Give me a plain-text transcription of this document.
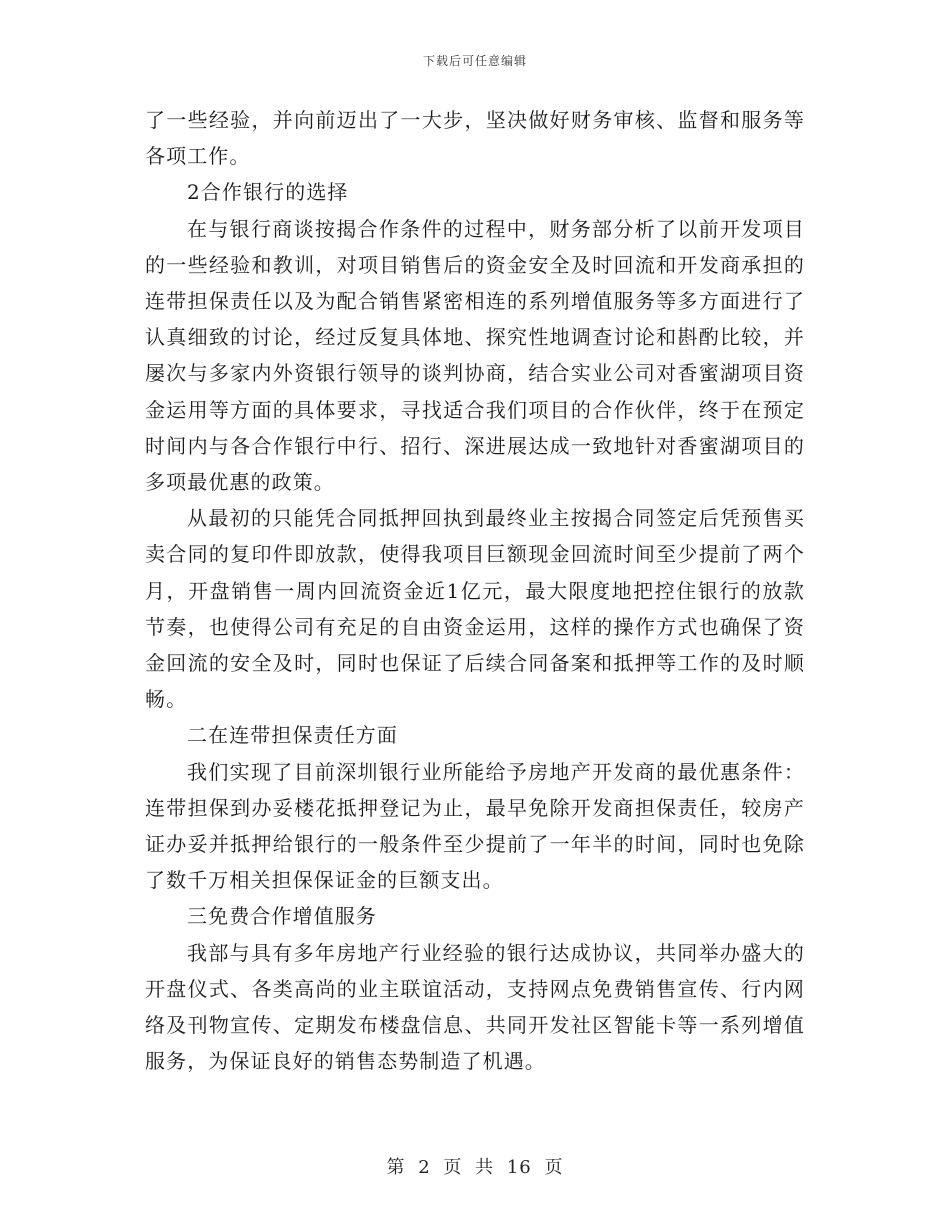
下载后可任意编辑

了一些经验，并向前迈出了一大步，坚决做好财务审核、监督和服务等各项工作。

2合作银行的选择

在与银行商谈按揭合作条件的过程中，财务部分析了以前开发项目的一些经验和教训，对项目销售后的资金安全及时回流和开发商承担的连带担保责任以及为配合销售紧密相连的系列增值服务等多方面进行了认真细致的讨论，经过反复具体地、探究性地调查讨论和斟酌比较，并屡次与多家内外资银行领导的谈判协商，结合实业公司对香蜜湖项目资金运用等方面的具体要求，寻找适合我们项目的合作伙伴，终于在预定时间内与各合作银行中行、招行、深进展达成一致地针对香蜜湖项目的多项最优惠的政策。

从最初的只能凭合同抵押回执到最终业主按揭合同签定后凭预售买卖合同的复印件即放款，使得我项目巨额现金回流时间至少提前了两个月，开盘销售一周内回流资金近1亿元，最大限度地把控住银行的放款节奏，也使得公司有充足的自由资金运用，这样的操作方式也确保了资金回流的安全及时，同时也保证了后续合同备案和抵押等工作的及时顺畅。

二在连带担保责任方面

我们实现了目前深圳银行业所能给予房地产开发商的最优惠条件：连带担保到办妥楼花抵押登记为止，最早免除开发商担保责任，较房产证办妥并抵押给银行的一般条件至少提前了一年半的时间，同时也免除了数千万相关担保保证金的巨额支出。

三免费合作增值服务

我部与具有多年房地产行业经验的银行达成协议，共同举办盛大的开盘仪式、各类高尚的业主联谊活动，支持网点免费销售宣传、行内网络及刊物宣传、定期发布楼盘信息、共同开发社区智能卡等一系列增值服务，为保证良好的销售态势制造了机遇。

第 2 页 共 16 页
